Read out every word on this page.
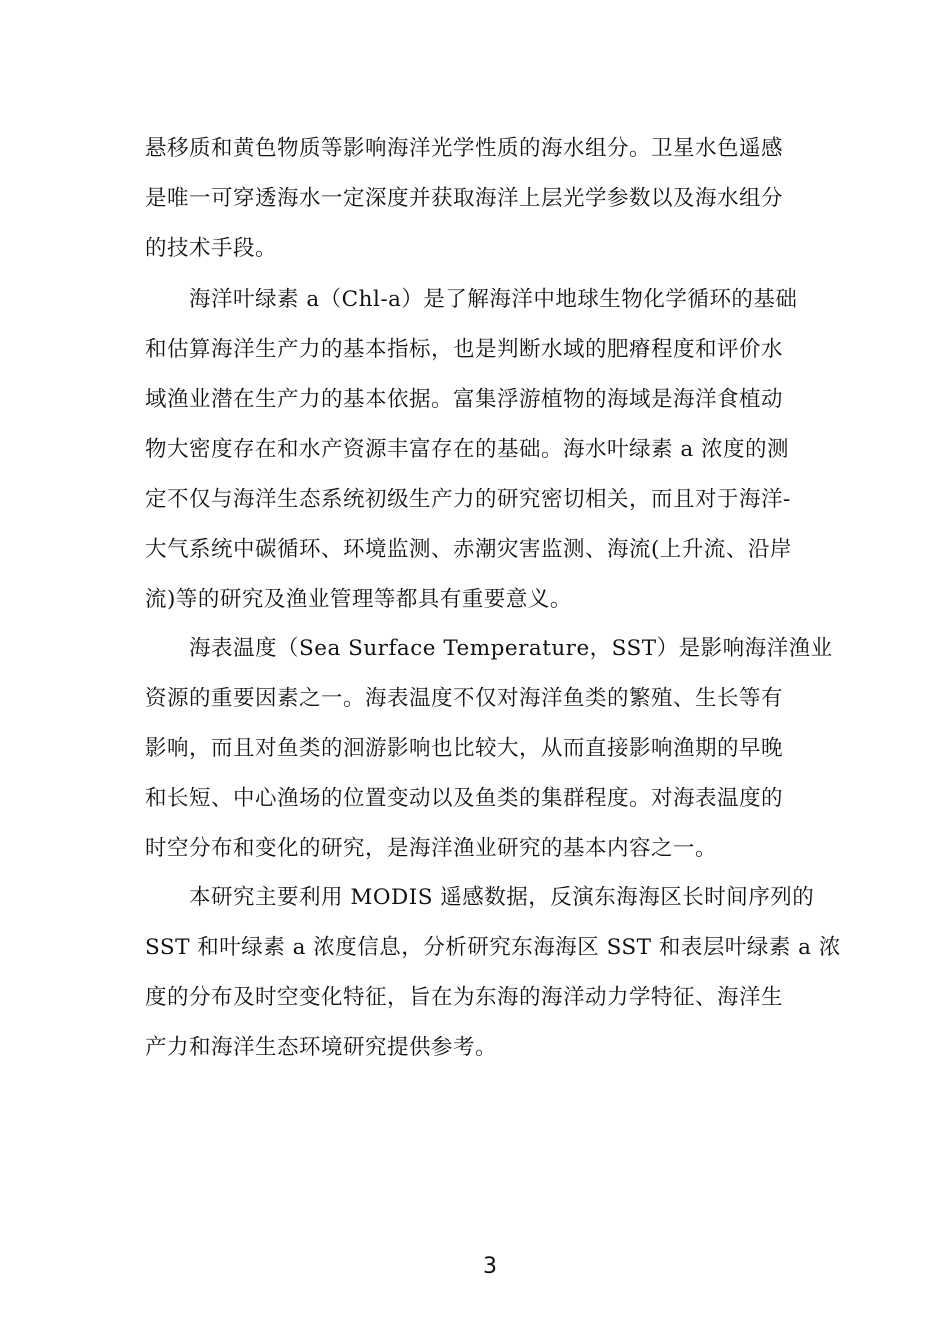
悬移质和黄色物质等影响海洋光学性质的海水组分。卫星水色遥感
是唯一可穿透海水一定深度并获取海洋上层光学参数以及海水组分
的技术手段。
海洋叶绿素 a（Chl-a）是了解海洋中地球生物化学循环的基础
和估算海洋生产力的基本指标，也是判断水域的肥瘠程度和评价水
域渔业潜在生产力的基本依据。富集浮游植物的海域是海洋食植动
物大密度存在和水产资源丰富存在的基础。海水叶绿素 a 浓度的测
定不仅与海洋生态系统初级生产力的研究密切相关，而且对于海洋-
大气系统中碳循环、环境监测、赤潮灾害监测、海流(上升流、沿岸
流)等的研究及渔业管理等都具有重要意义。
海表温度（Sea Surface Temperature，SST）是影响海洋渔业
资源的重要因素之一。海表温度不仅对海洋鱼类的繁殖、生长等有
影响，而且对鱼类的洄游影响也比较大，从而直接影响渔期的早晚
和长短、中心渔场的位置变动以及鱼类的集群程度。对海表温度的
时空分布和变化的研究，是海洋渔业研究的基本内容之一。
本研究主要利用 MODIS 遥感数据，反演东海海区长时间序列的
SST 和叶绿素 a 浓度信息，分析研究东海海区 SST 和表层叶绿素 a 浓
度的分布及时空变化特征，旨在为东海的海洋动力学特征、海洋生
产力和海洋生态环境研究提供参考。
3
